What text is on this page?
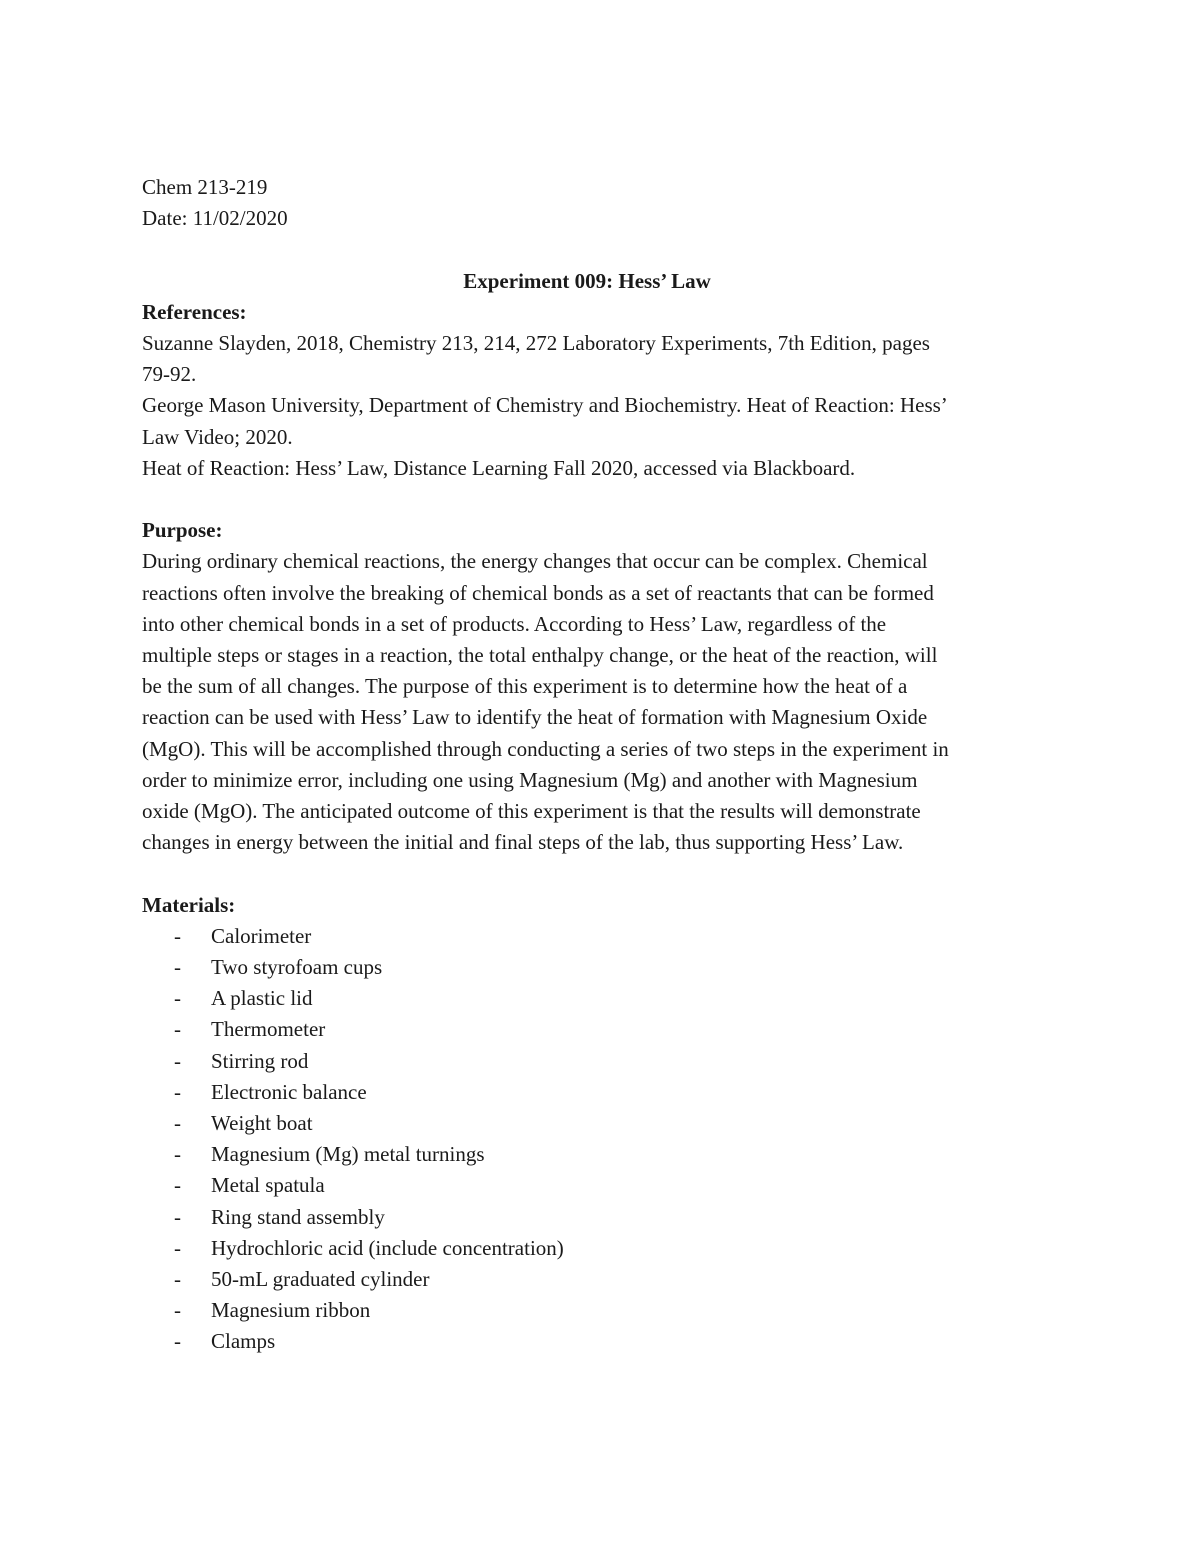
Chem 213-219

Date: 11/02/2020

Experiment 009: Hess’ Law

References:

Suzanne Slayden, 2018, Chemistry 213, 214, 272 Laboratory Experiments, 7th Edition, pages

79-92.

George Mason University, Department of Chemistry and Biochemistry. Heat of Reaction: Hess’

Law Video; 2020.

Heat of Reaction: Hess’ Law, Distance Learning Fall 2020, accessed via Blackboard.

Purpose:

During ordinary chemical reactions, the energy changes that occur can be complex. Chemical

reactions often involve the breaking of chemical bonds as a set of reactants that can be formed

into other chemical bonds in a set of products. According to Hess’ Law, regardless of the

multiple steps or stages in a reaction, the total enthalpy change, or the heat of the reaction, will

be the sum of all changes. The purpose of this experiment is to determine how the heat of a

reaction can be used with Hess’ Law to identify the heat of formation with Magnesium Oxide

(MgO). This will be accomplished through conducting a series of two steps in the experiment in

order to minimize error, including one using Magnesium (Mg) and another with Magnesium

oxide (MgO). The anticipated outcome of this experiment is that the results will demonstrate

changes in energy between the initial and final steps of the lab, thus supporting Hess’ Law.

Materials:

-	Calorimeter
-	Two styrofoam cups
-	A plastic lid
-	Thermometer
-	Stirring rod
-	Electronic balance
-	Weight boat
-	Magnesium (Mg) metal turnings
-	Metal spatula
-	Ring stand assembly
-	Hydrochloric acid (include concentration)
-	50-mL graduated cylinder
-	Magnesium ribbon
-	Clamps
